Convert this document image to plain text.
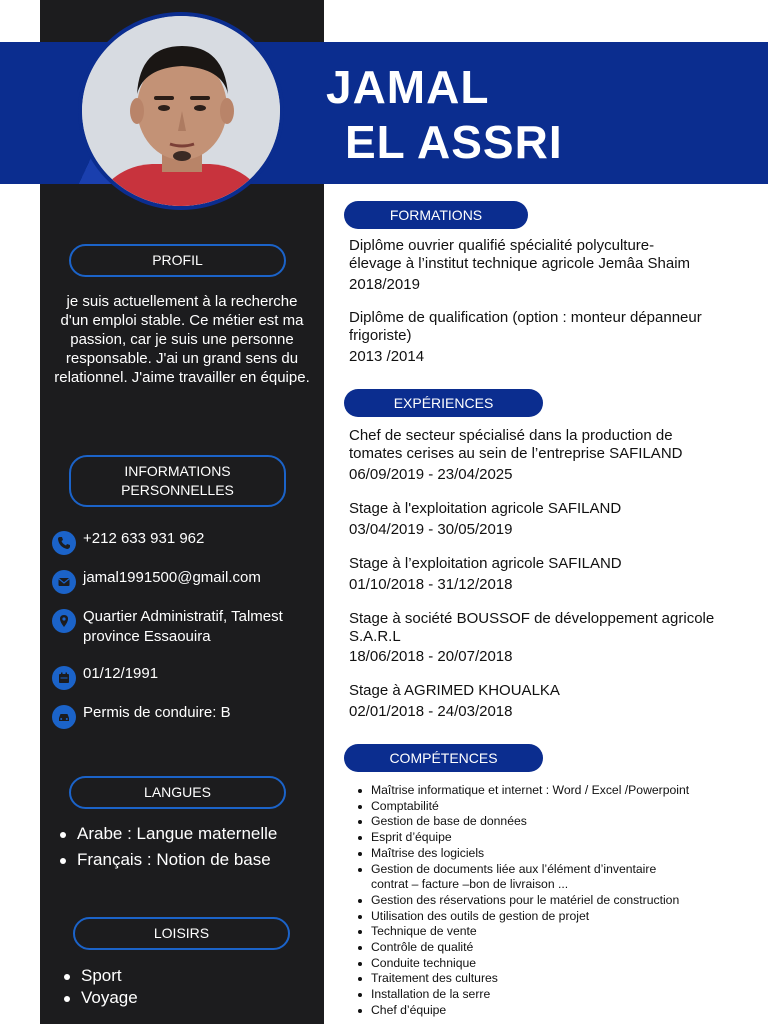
JAMAL
EL ASSRI
PROFIL
je suis actuellement à la recherche d'un emploi stable. Ce métier est ma passion, car je suis une personne responsable. J'ai un grand sens du relationnel. J'aime travailler en équipe.
INFORMATIONS
PERSONNELLES
+212 633 931 962
jamal1991500@gmail.com
Quartier Administratif, Talmest
province Essaouira
01/12/1991
Permis de conduire: B
LANGUES
Arabe : Langue maternelle
Français : Notion de base
LOISIRS
Sport
Voyage
FORMATIONS
Diplôme ouvrier qualifié spécialité polyculture-
élevage à l’institut technique agricole Jemâa Shaim
2018/2019
Diplôme de qualification (option : monteur dépanneur
frigoriste)
2013 /2014
EXPÉRIENCES
Chef de secteur spécialisé dans la production de
tomates cerises au sein de l’entreprise SAFILAND
06/09/2019 - 23/04/2025
Stage à l'exploitation agricole SAFILAND
03/04/2019 - 30/05/2019
Stage à l’exploitation agricole SAFILAND
01/10/2018 - 31/12/2018
Stage à société BOUSSOF de développement agricole
S.A.R.L
18/06/2018 - 20/07/2018
Stage à AGRIMED KHOUALKA
02/01/2018 - 24/03/2018
COMPÉTENCES
Maîtrise informatique et internet : Word / Excel /Powerpoint
Comptabilité
Gestion de base de données
Esprit d’équipe
Maîtrise des logiciels
Gestion de documents liée aux l’élément d’inventaire
contrat – facture –bon de livraison ...
Gestion des réservations pour le matériel de construction
Utilisation des outils de gestion de projet
Technique de vente
Contrôle de qualité
Conduite technique
Traitement des cultures
Installation de la serre
Chef d’équipe
